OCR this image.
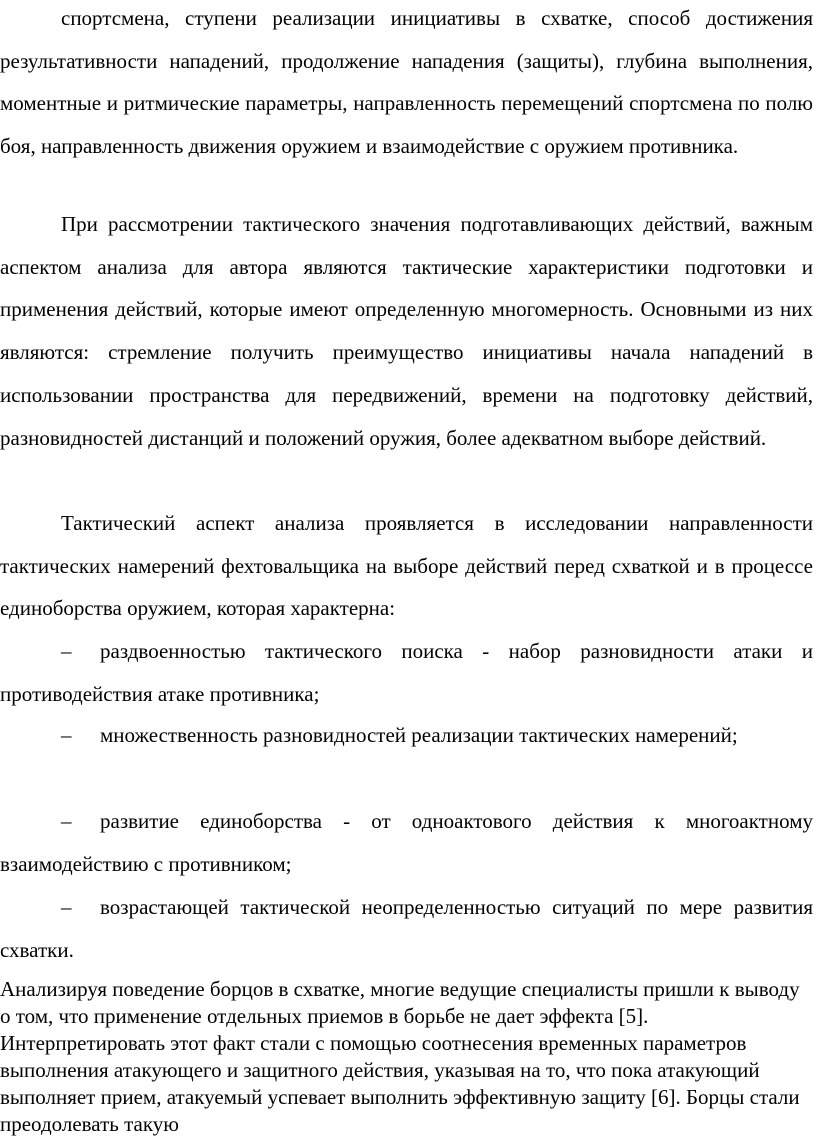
спортсмена, ступени реализации инициативы в схватке, способ достижения результативности нападений, продолжение нападения (защиты), глубина выполнения, моментные и ритмические параметры, направленность перемещений спортсмена по полю боя, направленность движения оружием и взаимодействие с оружием противника.

При рассмотрении тактического значения подготавливающих действий, важным аспектом анализа для автора являются тактические характеристики подготовки и применения действий, которые имеют определенную многомерность. Основными из них являются: стремление получить преимущество инициативы начала нападений в использовании пространства для передвижений, времени на подготовку действий, разновидностей дистанций и положений оружия, более адекватном выборе действий.

Тактический аспект анализа проявляется в исследовании направленности тактических намерений фехтовальщика на выборе действий перед схваткой и в процессе единоборства оружием, которая характерна:

– раздвоенностью тактического поиска - набор разновидности атаки и противодействия атаке противника;

– множественность разновидностей реализации тактических намерений;

– развитие единоборства - от одноактового действия к многоактному взаимодействию с противником;

– возрастающей тактической неопределенностью ситуаций по мере развития схватки.

Анализируя поведение борцов в схватке, многие ведущие специалисты пришли к выводу о том, что применение отдельных приемов в борьбе не дает эффекта [5]. Интерпретировать этот факт стали с помощью соотнесения временных параметров выполнения атакующего и защитного действия, указывая на то, что пока атакующий выполняет прием, атакуемый успевает выполнить эффективную защиту [6]. Борцы стали преодолевать такую
